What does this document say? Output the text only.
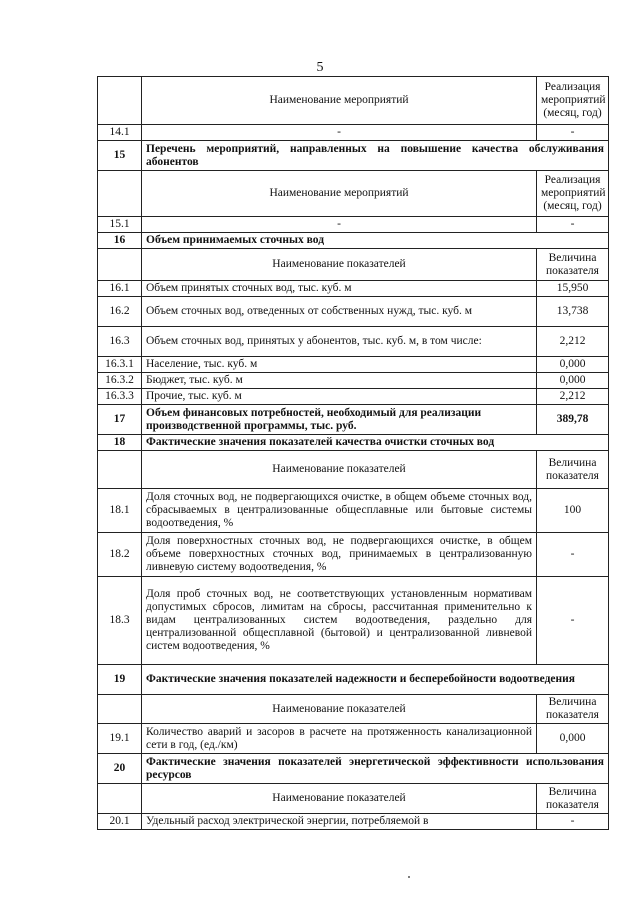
5
	Наименование мероприятий	Реализация мероприятий (месяц, год)
14.1	-	-
15	Перечень мероприятий, направленных на повышение качества обслуживания абонентов	
	Наименование мероприятий	Реализация мероприятий (месяц, год)
15.1	-	-
16	Объем принимаемых сточных вод	
	Наименование показателей	Величина показателя
16.1	Объем принятых сточных вод, тыс. куб. м	15,950
16.2	Объем сточных вод, отведенных от собственных нужд, тыс. куб. м	13,738
16.3	Объем сточных вод, принятых у абонентов, тыс. куб. м, в том числе:	2,212
16.3.1	Население, тыс. куб. м	0,000
16.3.2	Бюджет, тыс. куб. м	0,000
16.3.3	Прочие, тыс. куб. м	2,212
17	Объем финансовых потребностей, необходимый для реализации производственной программы, тыс. руб.	389,78
18	Фактические значения показателей качества очистки сточных вод	
	Наименование показателей	Величина показателя
18.1	Доля сточных вод, не подвергающихся очистке, в общем объеме сточных вод, сбрасываемых в централизованные общесплавные или бытовые системы водоотведения, %	100
18.2	Доля поверхностных сточных вод, не подвергающихся очистке, в общем объеме поверхностных сточных вод, принимаемых в централизованную ливневую систему водоотведения, %	-
18.3	Доля проб сточных вод, не соответствующих установленным нормативам допустимых сбросов, лимитам на сбросы, рассчитанная применительно к видам централизованных систем водоотведения, раздельно для централизованной общесплавной (бытовой) и централизованной ливневой систем водоотведения, %	-
19	Фактические значения показателей надежности и бесперебойности водоотведения	
	Наименование показателей	Величина показателя
19.1	Количество аварий и засоров в расчете на протяженность канализационной сети в год, (ед./км)	0,000
20	Фактические значения показателей энергетической эффективности использования ресурсов	
	Наименование показателей	Величина показателя
20.1	Удельный расход электрической энергии, потребляемой в	-
